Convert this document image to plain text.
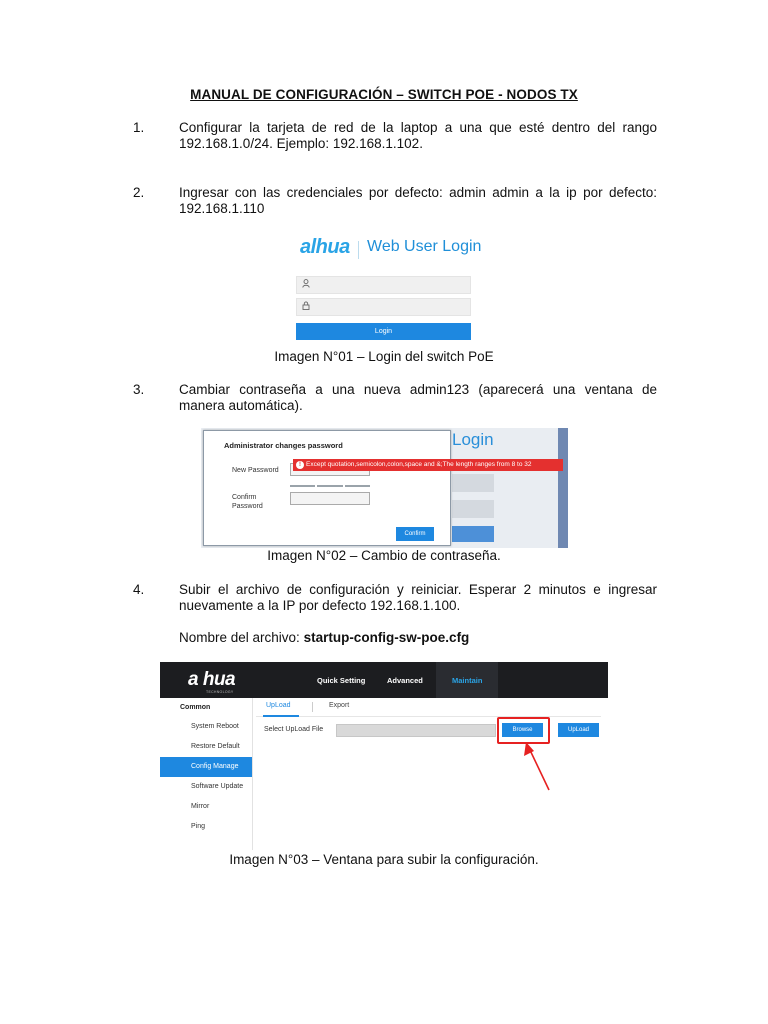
MANUAL DE CONFIGURACIÓN – SWITCH POE - NODOS TX
1.	Configurar la tarjeta de red de la laptop a una que esté dentro del rango 192.168.1.0/24. Ejemplo: 192.168.1.102.
2.	Ingresar con las credenciales por defecto: admin admin a la ip por defecto: 192.168.1.110
alhua Web User Login
Login
Imagen N°01 – Login del switch PoE
3.	Cambiar contraseña a una nueva admin123 (aparecerá una ventana de manera automática).
Login
Administrator changes password
New Password
Confirm Password
Confirm
! Except quotation,semicolon,colon,space and &;The length ranges from 8 to 32
Imagen N°02 – Cambio de contraseña.
4.	Subir el archivo de configuración y reiniciar. Esperar 2 minutos e ingresar nuevamente a la IP por defecto 192.168.1.100.
Nombre del archivo: startup-config-sw-poe.cfg
a hua
TECHNOLOGY
Quick Setting	Advanced	Maintain
Common
System Reboot
Restore Default
Config Manage
Software Update
Mirror
Ping
UpLoad	Export
Select UpLoad File	Browse	UpLoad
Imagen N°03 – Ventana para subir la configuración.
